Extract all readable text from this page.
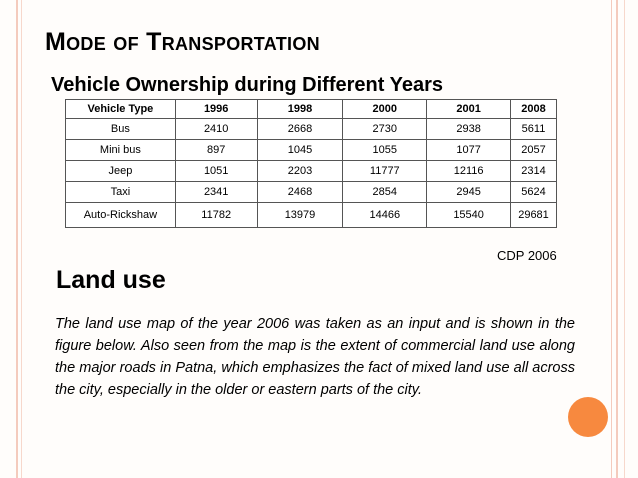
Mode of Transportation
Vehicle Ownership during Different Years
Vehicle Type	1996	1998	2000	2001	2008
Bus	2410	2668	2730	2938	5611
Mini bus	897	1045	1055	1077	2057
Jeep	1051	2203	11777	12116	2314
Taxi	2341	2468	2854	2945	5624
Auto-Rickshaw	11782	13979	14466	15540	29681
CDP 2006
Land use
The land use map of the year 2006 was taken as an input and is shown in the figure below. Also seen from the map is the extent of commercial land use along the major roads in Patna, which emphasizes the fact of mixed land use all across the city, especially in the older or eastern parts of the city.
